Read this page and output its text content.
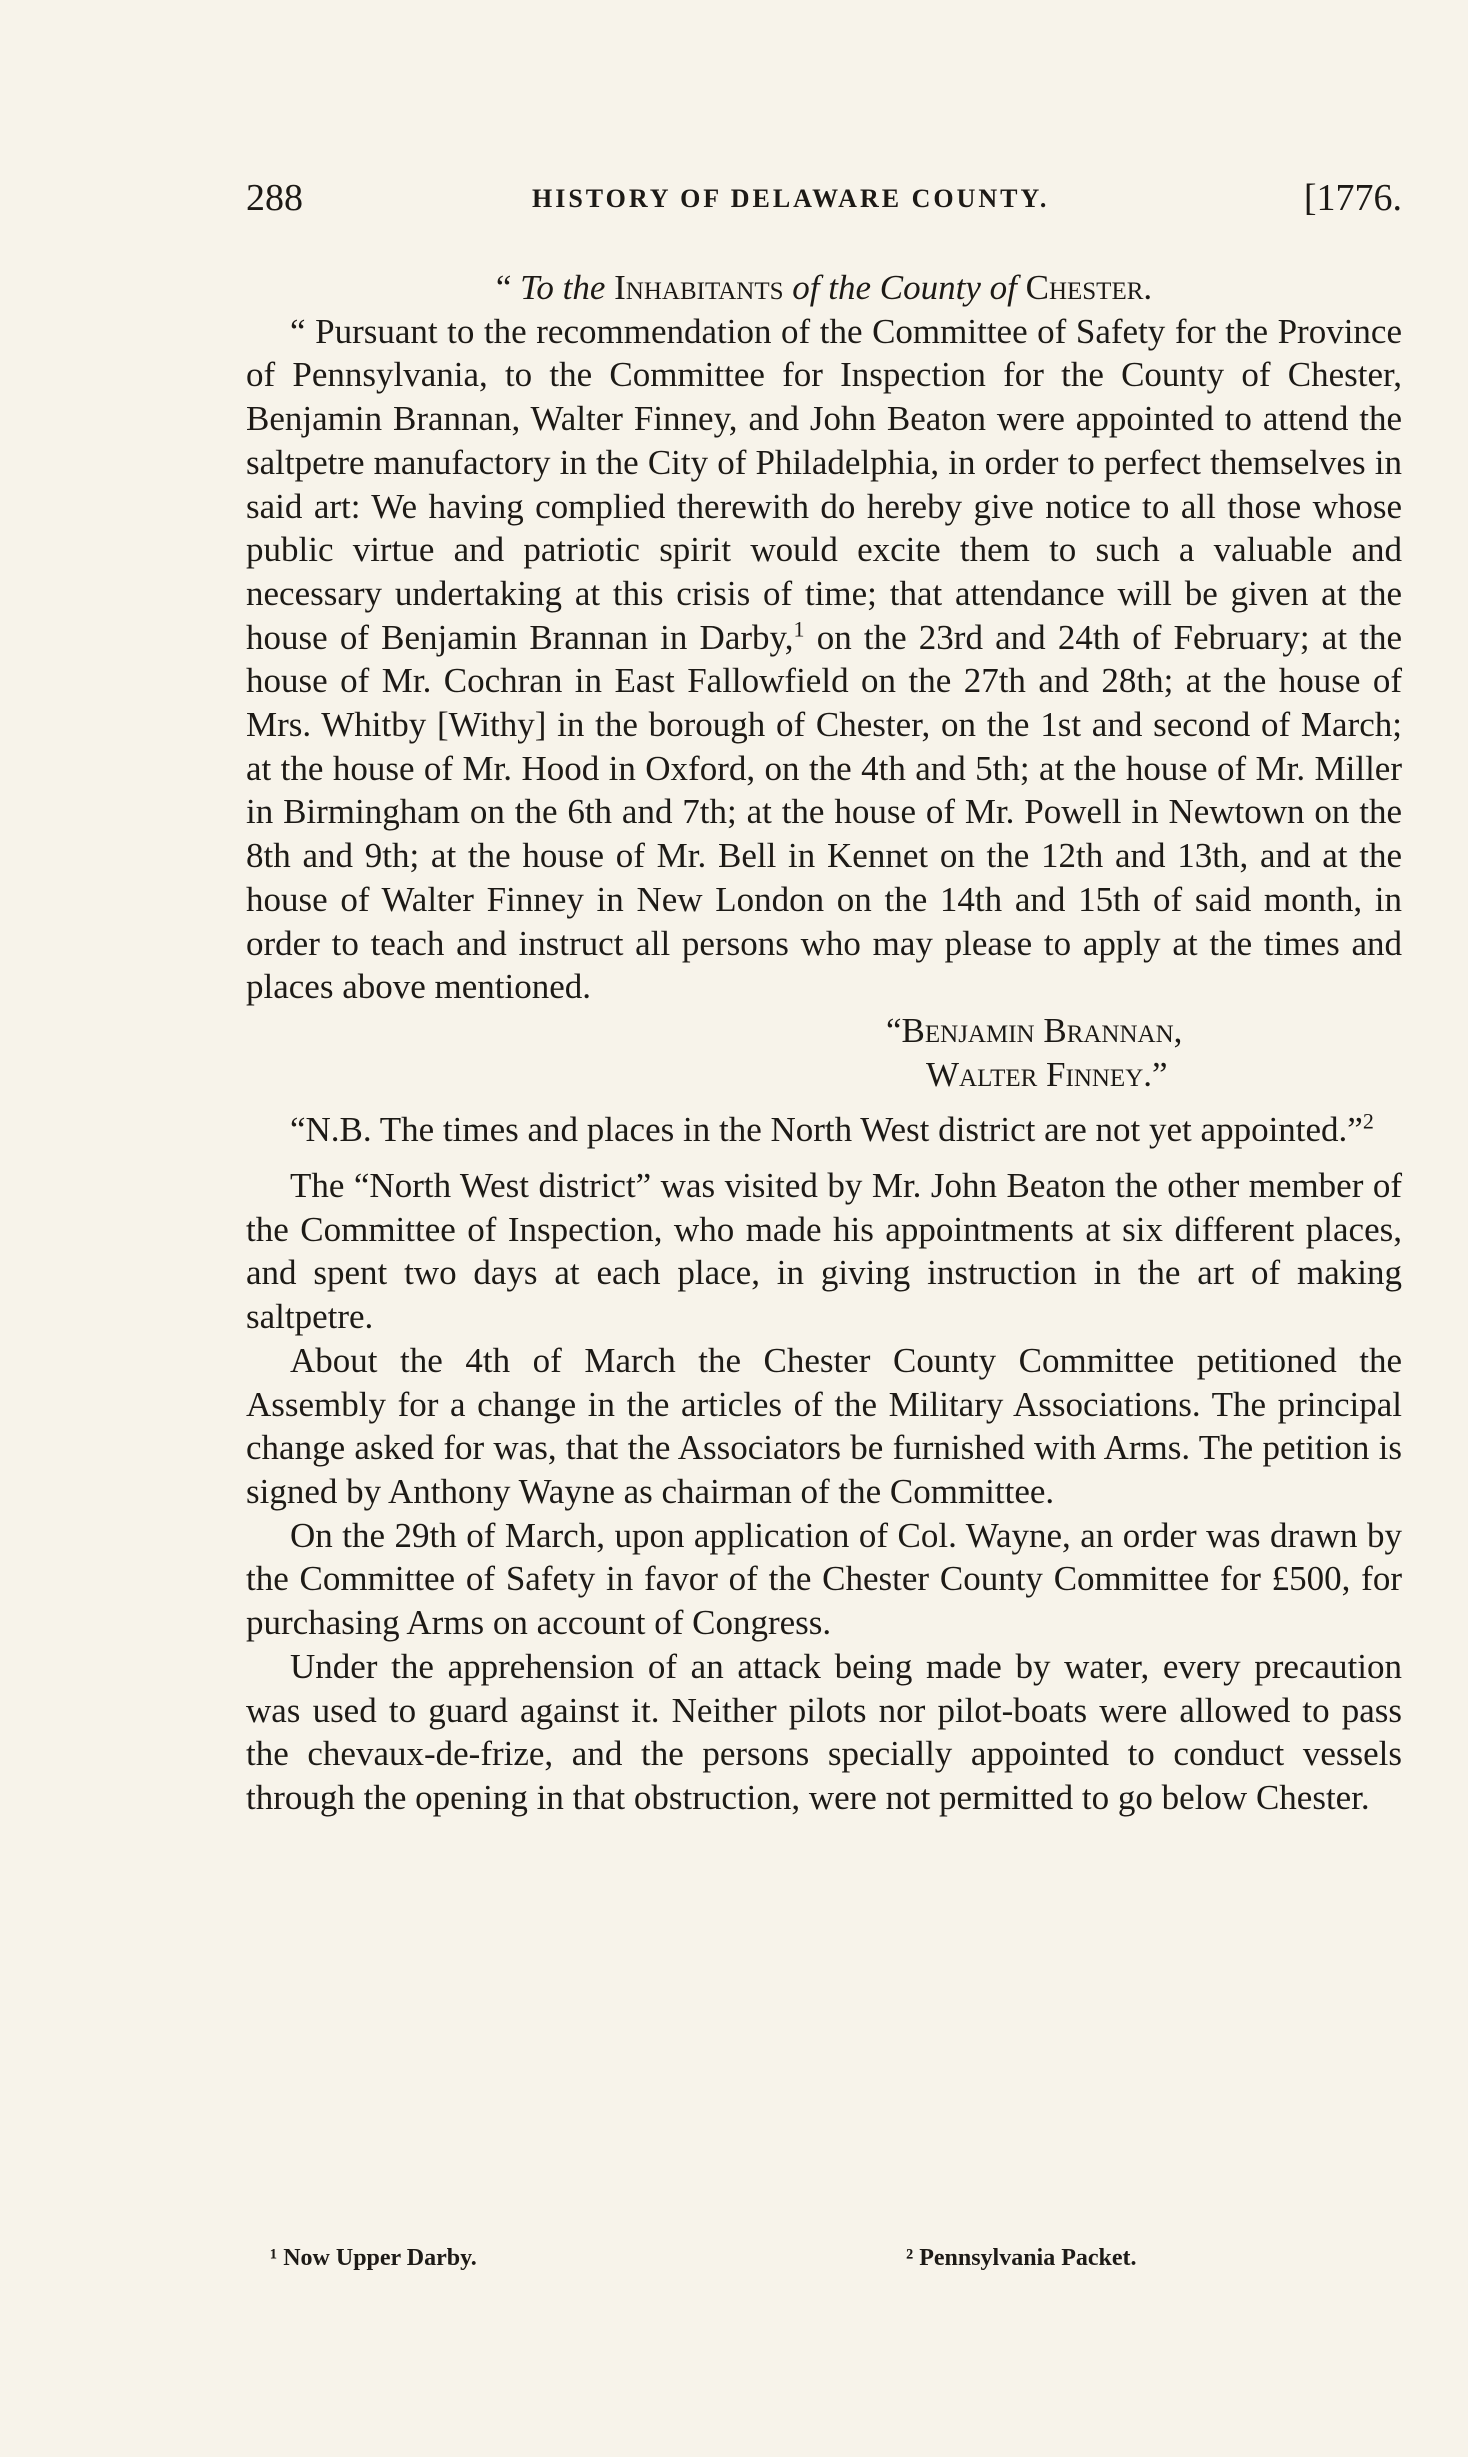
288	HISTORY OF DELAWARE COUNTY.	[1776.

“ To the Inhabitants of the County of Chester.

“ Pursuant to the recommendation of the Committee of Safety for the Province of Pennsylvania, to the Committee for Inspection for the County of Chester, Benjamin Brannan, Walter Finney, and John Beaton were appointed to attend the saltpetre manufactory in the City of Philadelphia, in order to perfect themselves in said art: We having complied therewith do hereby give notice to all those whose public virtue and patriotic spirit would excite them to such a valuable and necessary undertaking at this crisis of time; that attendance will be given at the house of Benjamin Brannan in Darby,$^1$ on the 23rd and 24th of February; at the house of Mr. Cochran in East Fallowfield on the 27th and 28th; at the house of Mrs. Whitby [Withy] in the borough of Chester, on the 1st and second of March; at the house of Mr. Hood in Oxford, on the 4th and 5th; at the house of Mr. Miller in Birmingham on the 6th and 7th; at the house of Mr. Powell in Newtown on the 8th and 9th; at the house of Mr. Bell in Kennet on the 12th and 13th, and at the house of Walter Finney in New London on the 14th and 15th of said month, in order to teach and instruct all persons who may please to apply at the times and places above mentioned.

“Benjamin Brannan,

Walter Finney.”

“N.B. The times and places in the North West district are not yet appointed.”$^2$

The “North West district” was visited by Mr. John Beaton the other member of the Committee of Inspection, who made his appointments at six different places, and spent two days at each place, in giving instruction in the art of making saltpetre.

About the 4th of March the Chester County Committee petitioned the Assembly for a change in the articles of the Military Associations. The principal change asked for was, that the Associators be furnished with Arms. The petition is signed by Anthony Wayne as chairman of the Committee.

On the 29th of March, upon application of Col. Wayne, an order was drawn by the Committee of Safety in favor of the Chester County Committee for £500, for purchasing Arms on account of Congress.

Under the apprehension of an attack being made by water, every precaution was used to guard against it. Neither pilots nor pilot-boats were allowed to pass the chevaux-de-frize, and the persons specially appointed to conduct vessels through the opening in that obstruction, were not permitted to go below Chester.

¹ Now Upper Darby.	² Pennsylvania Packet.
